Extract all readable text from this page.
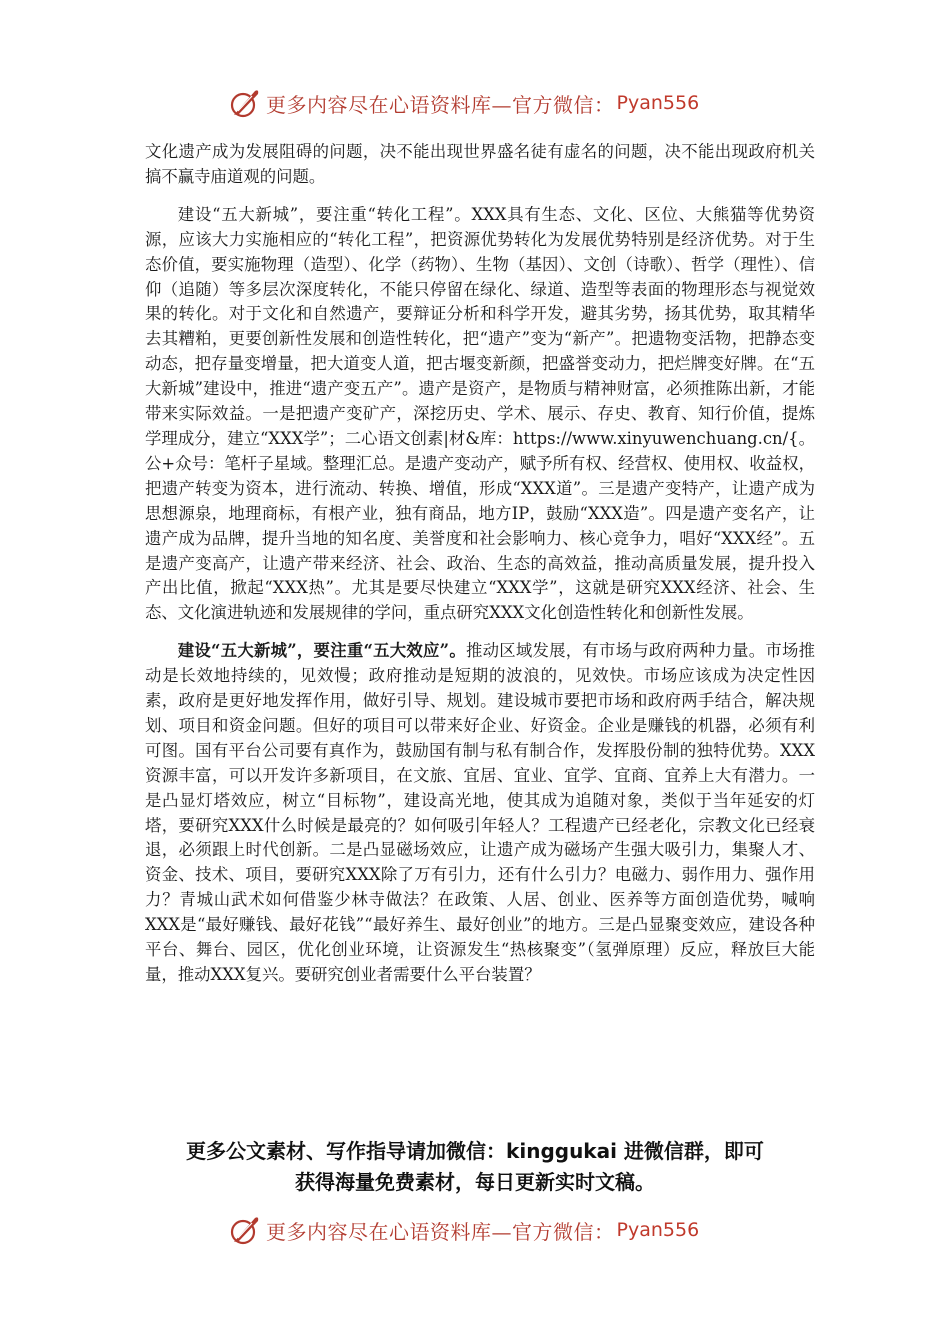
更多内容尽在心语资料库—官方微信： Pyan556

文化遗产成为发展阻碍的问题，决不能出现世界盛名徒有虚名的问题，决不能出现政府机关搞不赢寺庙道观的问题。

建设“五大新城”，要注重“转化工程”。XXX具有生态、文化、区位、大熊猫等优势资源，应该大力实施相应的“转化工程”，把资源优势转化为发展优势特别是经济优势。对于生态价值，要实施物理（造型）、化学（药物）、生物（基因）、文创（诗歌）、哲学（理性）、信仰（追随）等多层次深度转化，不能只停留在绿化、绿道、造型等表面的物理形态与视觉效果的转化。对于文化和自然遗产，要辩证分析和科学开发，避其劣势，扬其优势，取其精华去其糟粕，更要创新性发展和创造性转化，把“遗产”变为“新产”。把遗物变活物，把静态变动态，把存量变增量，把大道变人道，把古堰变新颜，把盛誉变动力，把烂牌变好牌。在“五大新城”建设中，推进“遗产变五产”。遗产是资产，是物质与精神财富，必须推陈出新，才能带来实际效益。一是把遗产变矿产，深挖历史、学术、展示、存史、教育、知行价值，提炼学理成分，建立“XXX学”；二心语文创素|材&库：https://www.xinyuwenchuang.cn/{。公+众号：笔杆子星域。整理汇总。是遗产变动产，赋予所有权、经营权、使用权、收益权，把遗产转变为资本，进行流动、转换、增值，形成“XXX道”。三是遗产变特产，让遗产成为思想源泉，地理商标，有根产业，独有商品，地方IP，鼓励“XXX造”。四是遗产变名产，让遗产成为品牌，提升当地的知名度、美誉度和社会影响力、核心竞争力，唱好“XXX经”。五是遗产变高产，让遗产带来经济、社会、政治、生态的高效益，推动高质量发展，提升投入产出比值，掀起“XXX热”。尤其是要尽快建立“XXX学”，这就是研究XXX经济、社会、生态、文化演进轨迹和发展规律的学问，重点研究XXX文化创造性转化和创新性发展。

建设“五大新城”，要注重“五大效应”。推动区域发展，有市场与政府两种力量。市场推动是长效地持续的，见效慢；政府推动是短期的波浪的，见效快。市场应该成为决定性因素，政府是更好地发挥作用，做好引导、规划。建设城市要把市场和政府两手结合，解决规划、项目和资金问题。但好的项目可以带来好企业、好资金。企业是赚钱的机器，必须有利可图。国有平台公司要有真作为，鼓励国有制与私有制合作，发挥股份制的独特优势。XXX资源丰富，可以开发许多新项目，在文旅、宜居、宜业、宜学、宜商、宜养上大有潜力。一是凸显灯塔效应，树立“目标物”，建设高光地，使其成为追随对象，类似于当年延安的灯塔，要研究XXX什么时候是最亮的？如何吸引年轻人？工程遗产已经老化，宗教文化已经衰退，必须跟上时代创新。二是凸显磁场效应，让遗产成为磁场产生强大吸引力，集聚人才、资金、技术、项目，要研究XXX除了万有引力，还有什么引力？电磁力、弱作用力、强作用力？青城山武术如何借鉴少林寺做法？在政策、人居、创业、医养等方面创造优势，喊响XXX是“最好赚钱、最好花钱”“最好养生、最好创业”的地方。三是凸显聚变效应，建设各种平台、舞台、园区，优化创业环境，让资源发生“热核聚变”（氢弹原理）反应，释放巨大能量，推动XXX复兴。要研究创业者需要什么平台装置？

更多公文素材、写作指导请加微信：kinggukai 进微信群，即可
获得海量免费素材，每日更新实时文稿。
更多内容尽在心语资料库—官方微信： Pyan556
